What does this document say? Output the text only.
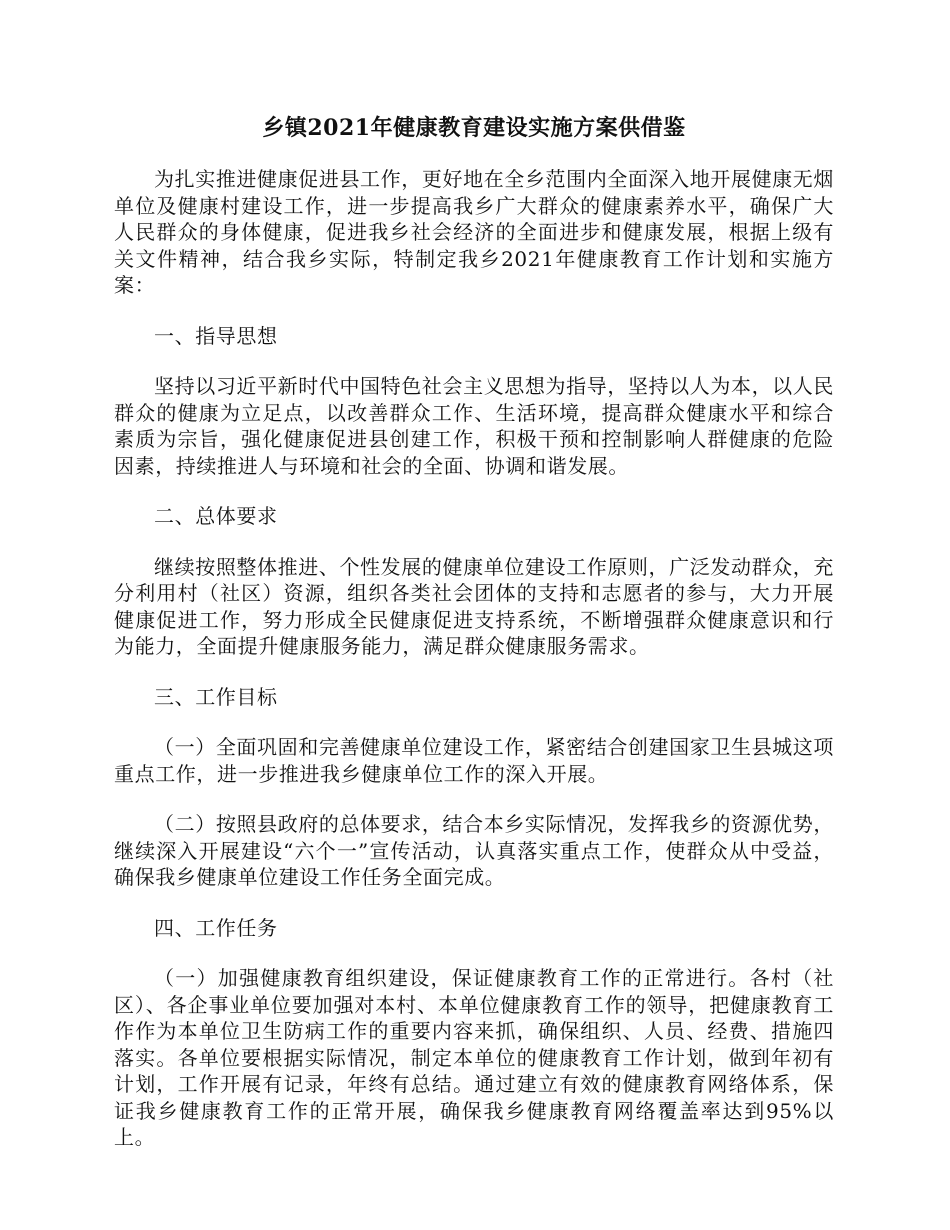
乡镇2021年健康教育建设实施方案供借鉴

为扎实推进健康促进县工作，更好地在全乡范围内全面深入地开展健康无烟单位及健康村建设工作，进一步提高我乡广大群众的健康素养水平，确保广大人民群众的身体健康，促进我乡社会经济的全面进步和健康发展，根据上级有关文件精神，结合我乡实际，特制定我乡2021年健康教育工作计划和实施方案：

一、指导思想

坚持以习近平新时代中国特色社会主义思想为指导，坚持以人为本，以人民群众的健康为立足点，以改善群众工作、生活环境，提高群众健康水平和综合素质为宗旨，强化健康促进县创建工作，积极干预和控制影响人群健康的危险因素，持续推进人与环境和社会的全面、协调和谐发展。

二、总体要求

继续按照整体推进、个性发展的健康单位建设工作原则，广泛发动群众，充分利用村（社区）资源，组织各类社会团体的支持和志愿者的参与，大力开展健康促进工作，努力形成全民健康促进支持系统，不断增强群众健康意识和行为能力，全面提升健康服务能力，满足群众健康服务需求。

三、工作目标

（一）全面巩固和完善健康单位建设工作，紧密结合创建国家卫生县城这项重点工作，进一步推进我乡健康单位工作的深入开展。

（二）按照县政府的总体要求，结合本乡实际情况，发挥我乡的资源优势，继续深入开展建设“六个一”宣传活动，认真落实重点工作，使群众从中受益，确保我乡健康单位建设工作任务全面完成。

四、工作任务

（一）加强健康教育组织建设，保证健康教育工作的正常进行。各村（社区）、各企事业单位要加强对本村、本单位健康教育工作的领导，把健康教育工作作为本单位卫生防病工作的重要内容来抓，确保组织、人员、经费、措施四落实。各单位要根据实际情况，制定本单位的健康教育工作计划，做到年初有计划，工作开展有记录，年终有总结。通过建立有效的健康教育网络体系，保证我乡健康教育工作的正常开展，确保我乡健康教育网络覆盖率达到95%以上。
